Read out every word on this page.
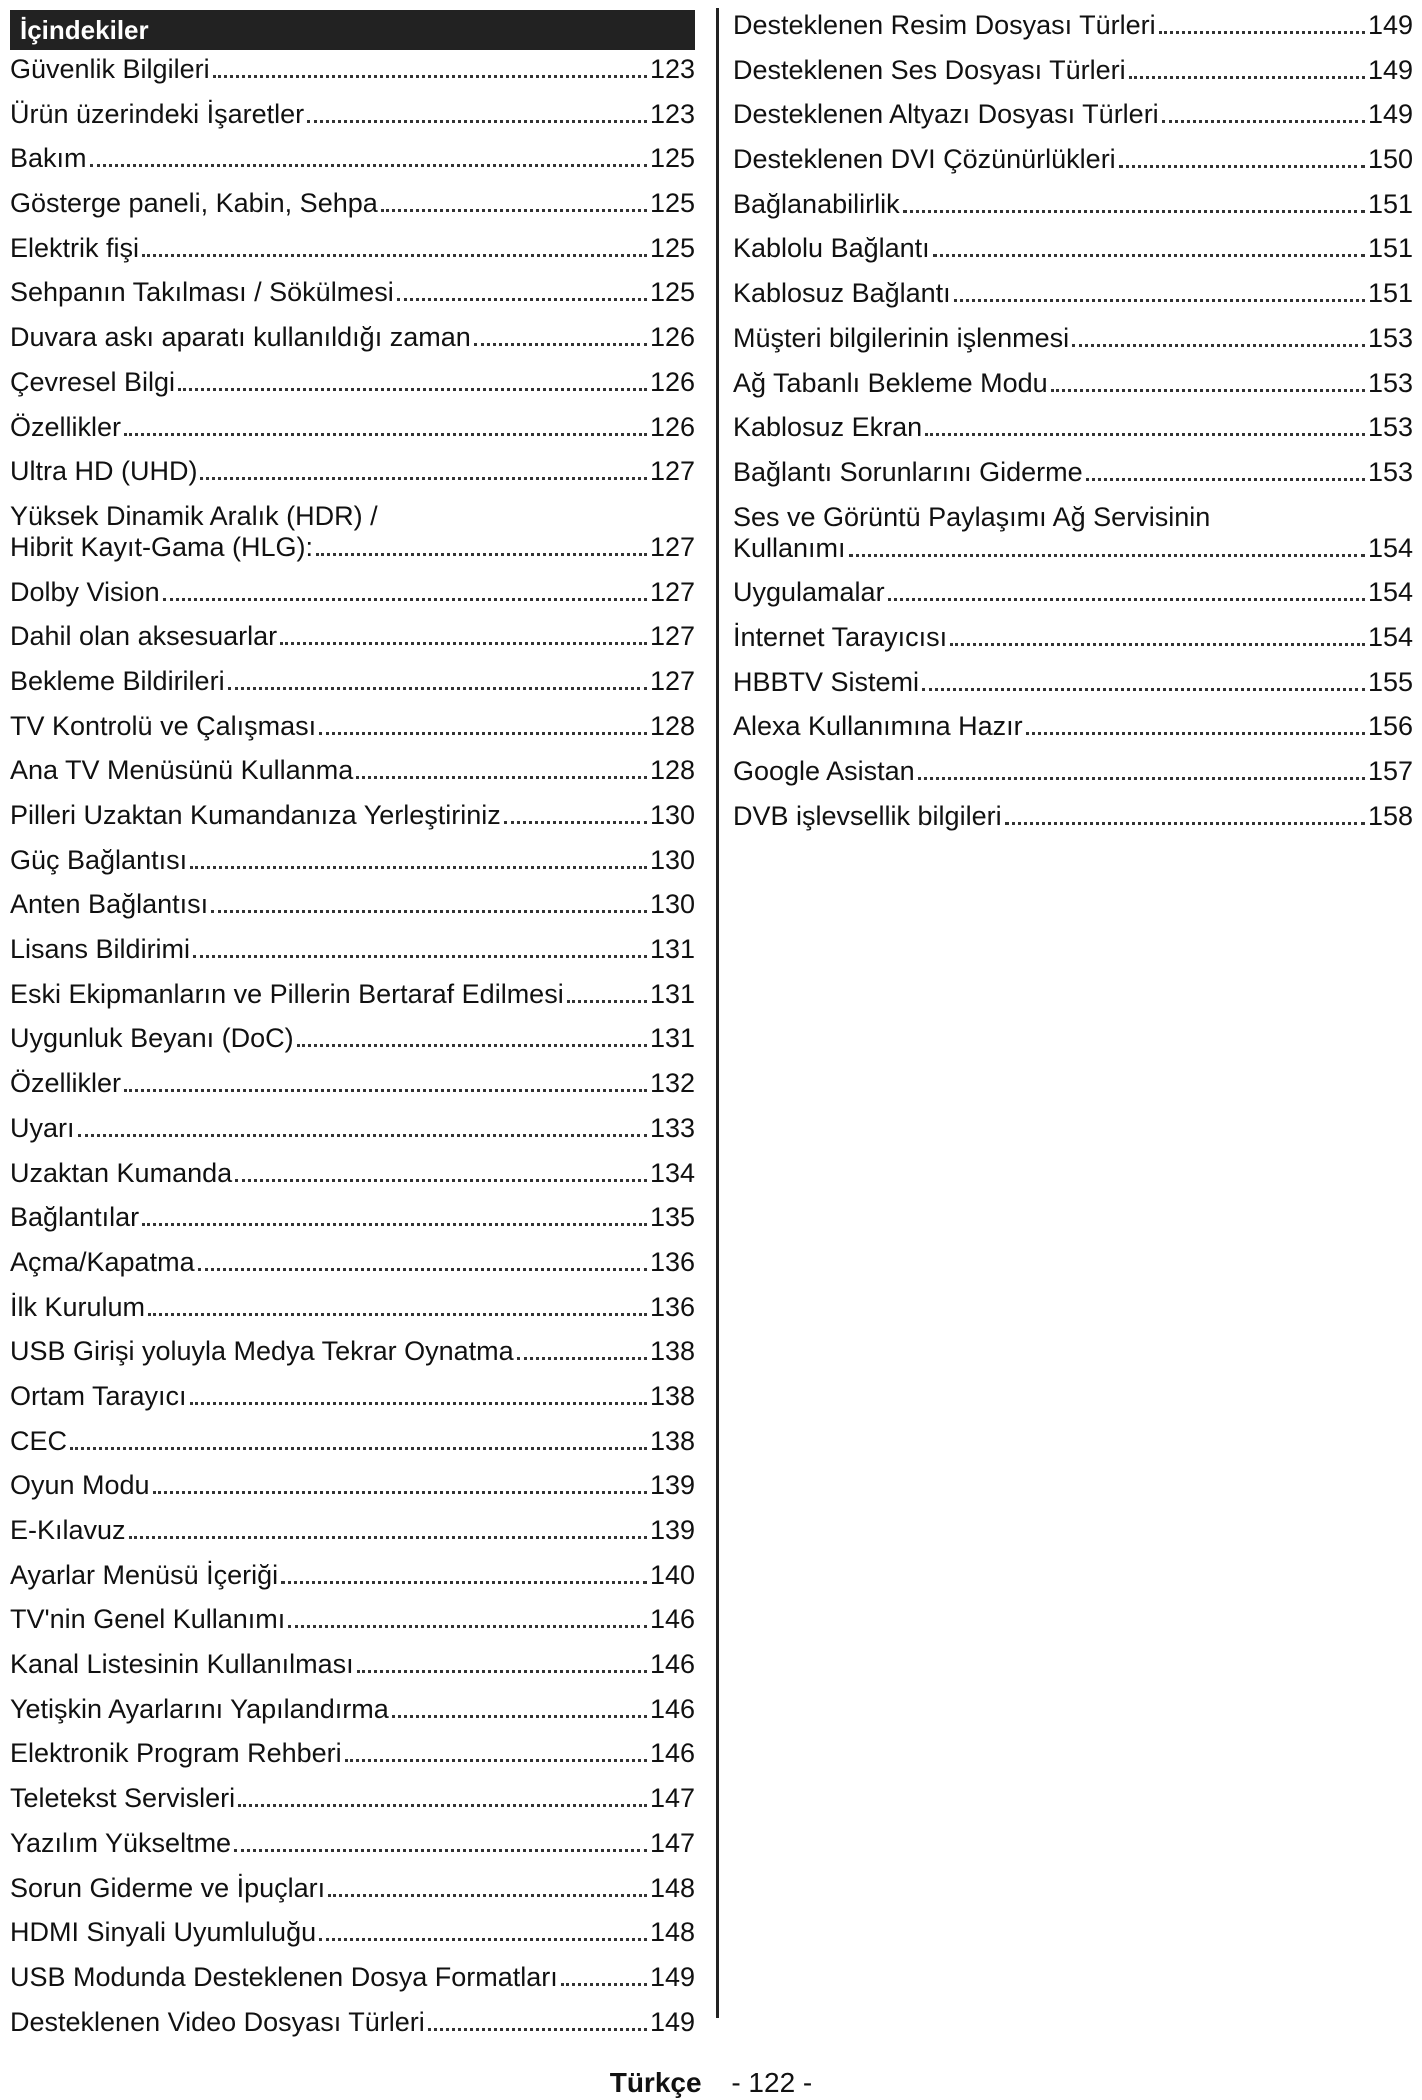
İçindekiler
Güvenlik Bilgileri	123
Ürün üzerindeki İşaretler	123
Bakım	125
Gösterge paneli, Kabin, Sehpa	125
Elektrik fişi	125
Sehpanın Takılması / Sökülmesi	125
Duvara askı aparatı kullanıldığı zaman	126
Çevresel Bilgi	126
Özellikler	126
Ultra HD (UHD)	127
Yüksek Dinamik Aralık (HDR) /
Hibrit Kayıt-Gama (HLG):	127
Dolby Vision	127
Dahil olan aksesuarlar	127
Bekleme Bildirileri	127
TV Kontrolü ve Çalışması	128
Ana TV Menüsünü Kullanma	128
Pilleri Uzaktan Kumandanıza Yerleştiriniz	130
Güç Bağlantısı	130
Anten Bağlantısı	130
Lisans Bildirimi	131
Eski Ekipmanların ve Pillerin Bertaraf Edilmesi	131
Uygunluk Beyanı (DoC)	131
Özellikler	132
Uyarı	133
Uzaktan Kumanda	134
Bağlantılar	135
Açma/Kapatma	136
İlk Kurulum	136
USB Girişi yoluyla Medya Tekrar Oynatma	138
Ortam Tarayıcı	138
CEC	138
Oyun Modu	139
E-Kılavuz	139
Ayarlar Menüsü İçeriği	140
TV'nin Genel Kullanımı	146
Kanal Listesinin Kullanılması	146
Yetişkin Ayarlarını Yapılandırma	146
Elektronik Program Rehberi	146
Teletekst Servisleri	147
Yazılım Yükseltme	147
Sorun Giderme ve İpuçları	148
HDMI Sinyali Uyumluluğu	148
USB Modunda Desteklenen Dosya Formatları	149
Desteklenen Video Dosyası Türleri	149
Desteklenen Resim Dosyası Türleri	149
Desteklenen Ses Dosyası Türleri	149
Desteklenen Altyazı Dosyası Türleri	149
Desteklenen DVI Çözünürlükleri	150
Bağlanabilirlik	151
Kablolu Bağlantı	151
Kablosuz Bağlantı	151
Müşteri bilgilerinin işlenmesi	153
Ağ Tabanlı Bekleme Modu	153
Kablosuz Ekran	153
Bağlantı Sorunlarını Giderme	153
Ses ve Görüntü Paylaşımı Ağ Servisinin
Kullanımı	154
Uygulamalar	154
İnternet Tarayıcısı	154
HBBTV Sistemi	155
Alexa Kullanımına Hazır	156
Google Asistan	157
DVB işlevsellik bilgileri	158
Türkçe - 122 -
